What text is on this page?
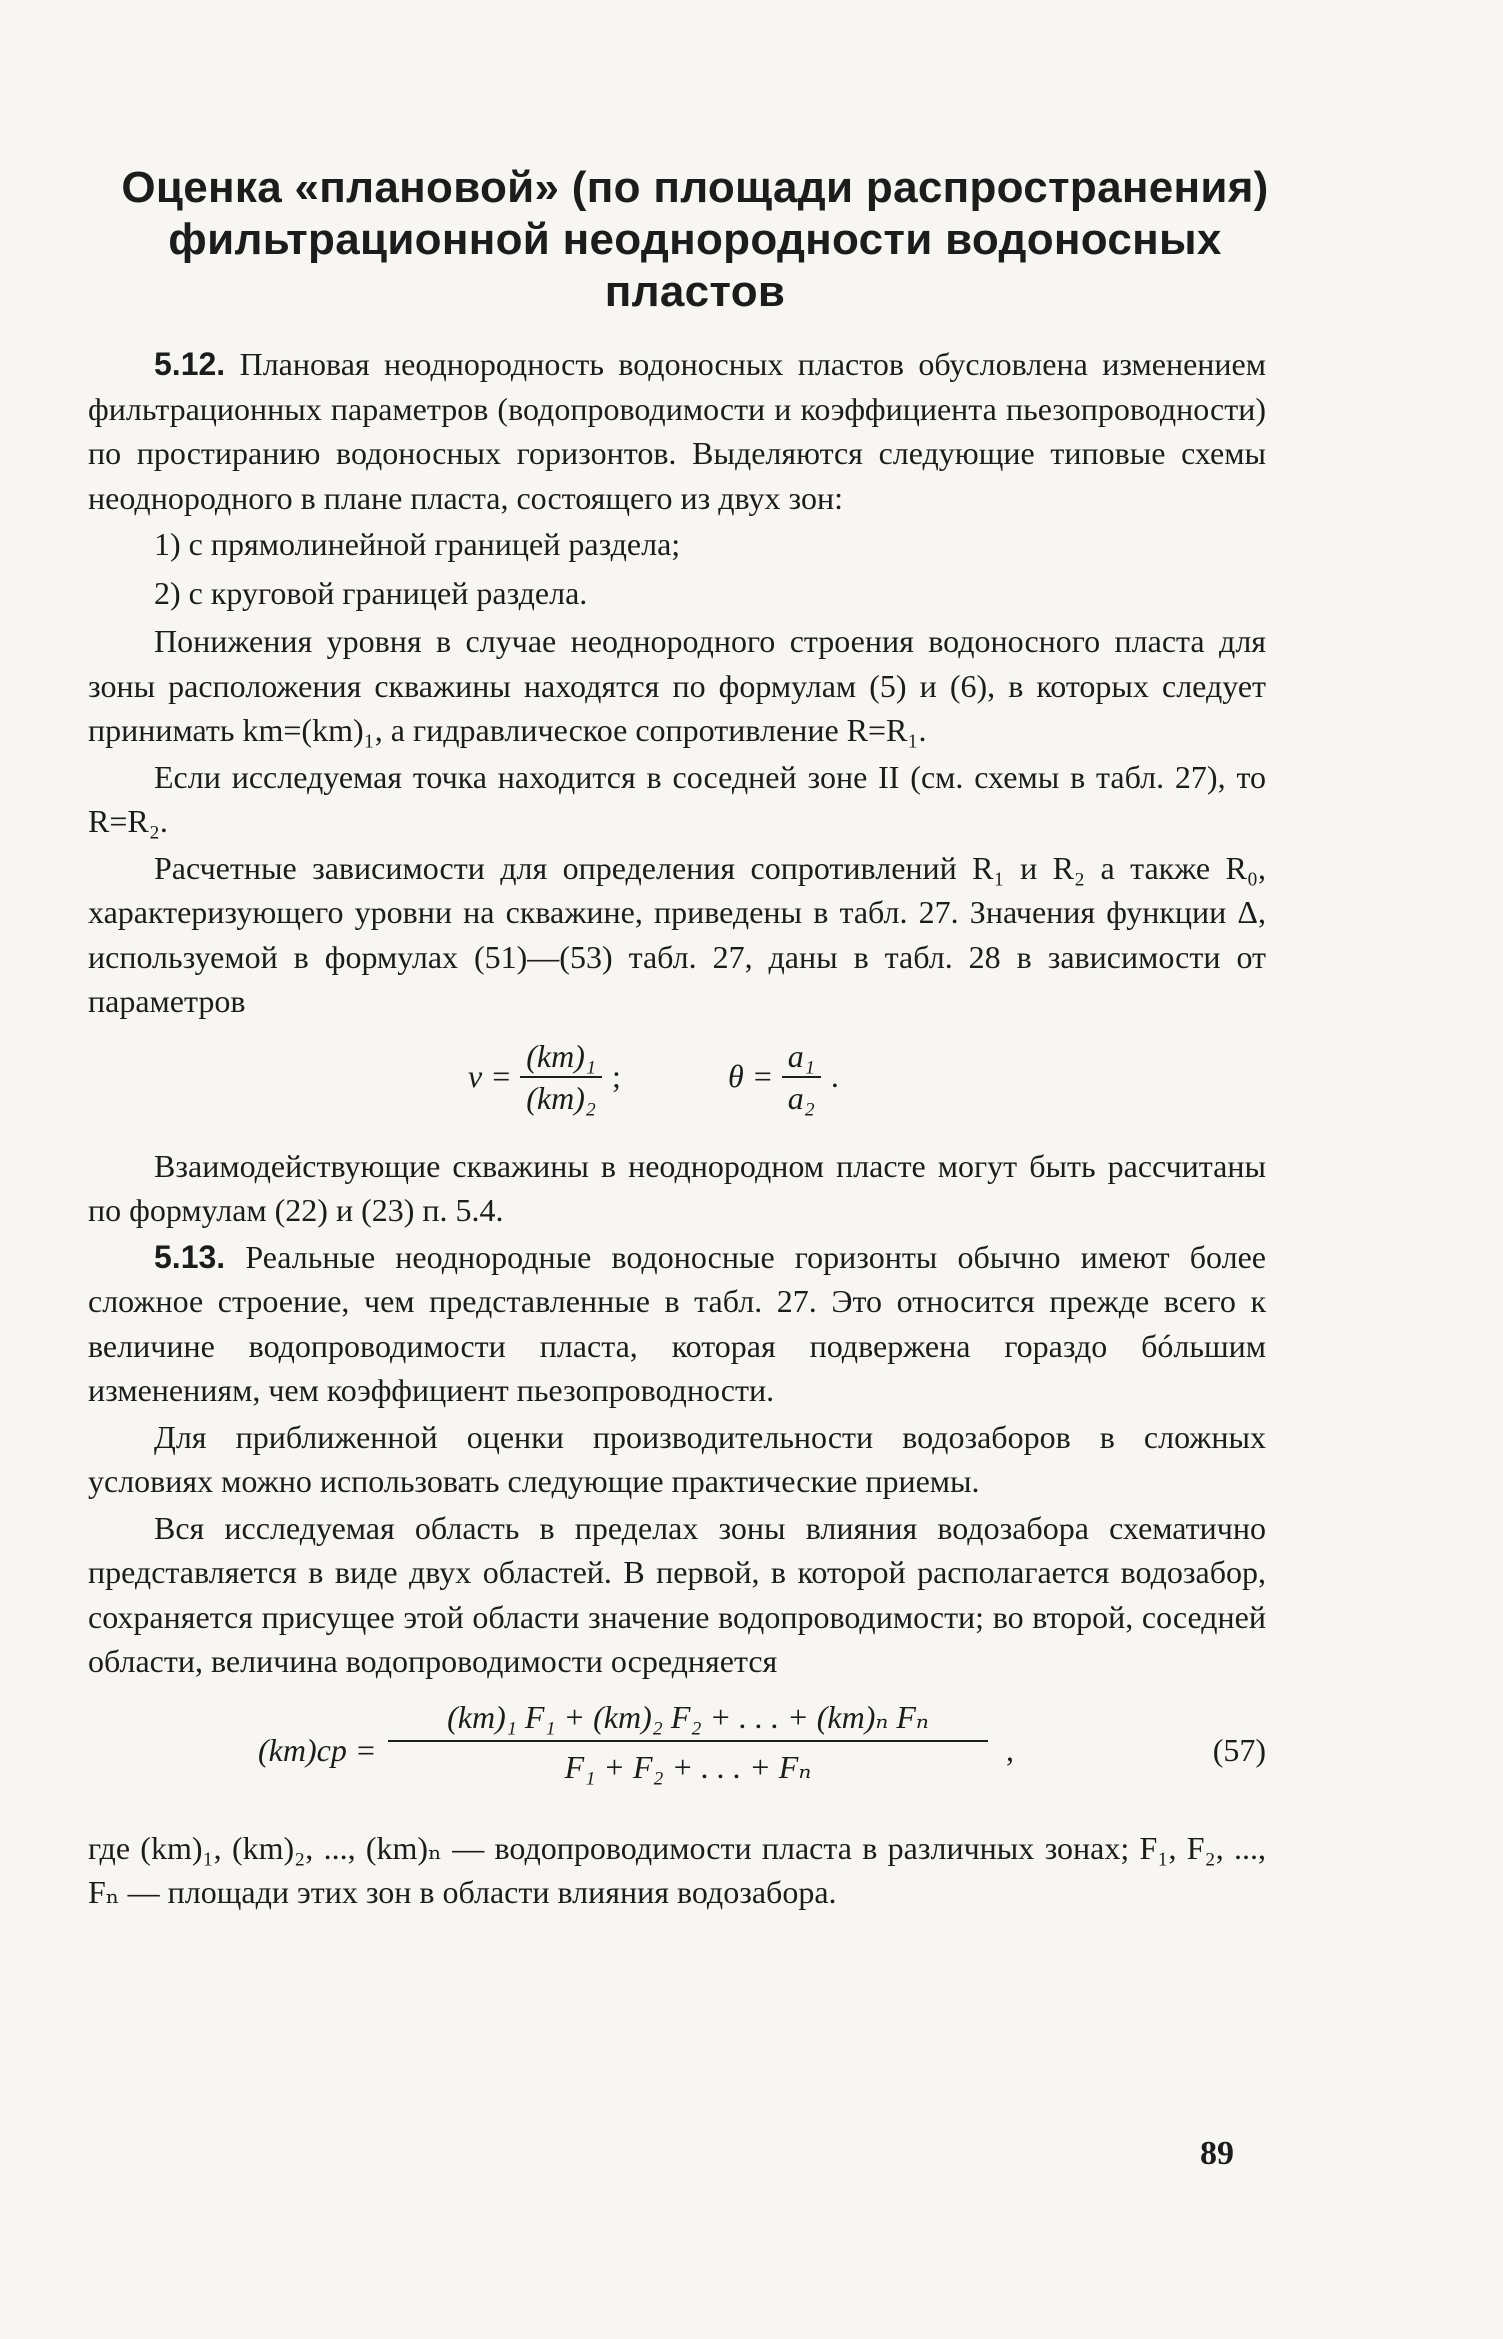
Оценка «плановой» (по площади распространения)
фильтрационной неоднородности водоносных
пластов

5.12. Плановая неоднородность водоносных пластов обусловлена изменением фильтрационных параметров (водопроводимости и коэффициента пьезопроводности) по простиранию водоносных горизонтов. Выделяются следующие типовые схемы неоднородного в плане пласта, состоящего из двух зон:

1) с прямолинейной границей раздела;

2) с круговой границей раздела.

Понижения уровня в случае неоднородного строения водоносного пласта для зоны расположения скважины находятся по формулам (5) и (6), в которых следует принимать km=(km)₁, а гидравлическое сопротивление R=R₁.

Если исследуемая точка находится в соседней зоне II (см. схемы в табл. 27), то R=R₂.

Расчетные зависимости для определения сопротивлений R₁ и R₂ а также R₀, характеризующего уровни на скважине, приведены в табл. 27. Значения функции Δ, используемой в формулах (51)—(53) табл. 27, даны в табл. 28 в зависимости от параметров

$\nu = \frac{\text{(km)₁}}{\text{(km)₂}}$ ;	$\theta = \frac{\text{a₁}}{\text{a₂}}$ .

Взаимодействующие скважины в неоднородном пласте могут быть рассчитаны по формулам (22) и (23) п. 5.4.

5.13. Реальные неоднородные водоносные горизонты обычно имеют более сложное строение, чем представленные в табл. 27. Это относится прежде всего к величине водопроводимости пласта, которая подвержена гораздо бóльшим изменениям, чем коэффициент пьезопроводности.

Для приближенной оценки производительности водозаборов в сложных условиях можно использовать следующие практические приемы.

Вся исследуемая область в пределах зоны влияния водозабора схематично представляется в виде двух областей. В первой, в которой располагается водозабор, сохраняется присущее этой области значение водопроводимости; во второй, соседней области, величина водопроводимости осредняется

$(km)ср = \frac{\text{(km)₁ F₁ + (km)₂ F₂ + . . . + (km)ₙ Fₙ}}{\text{F₁ + F₂ + . . . + Fₙ}}$ ,	(57)

где (km)₁, (km)₂, ..., (km)ₙ — водопроводимости пласта в различных зонах; F₁, F₂, ..., Fₙ — площади этих зон в области влияния водозабора.

89
